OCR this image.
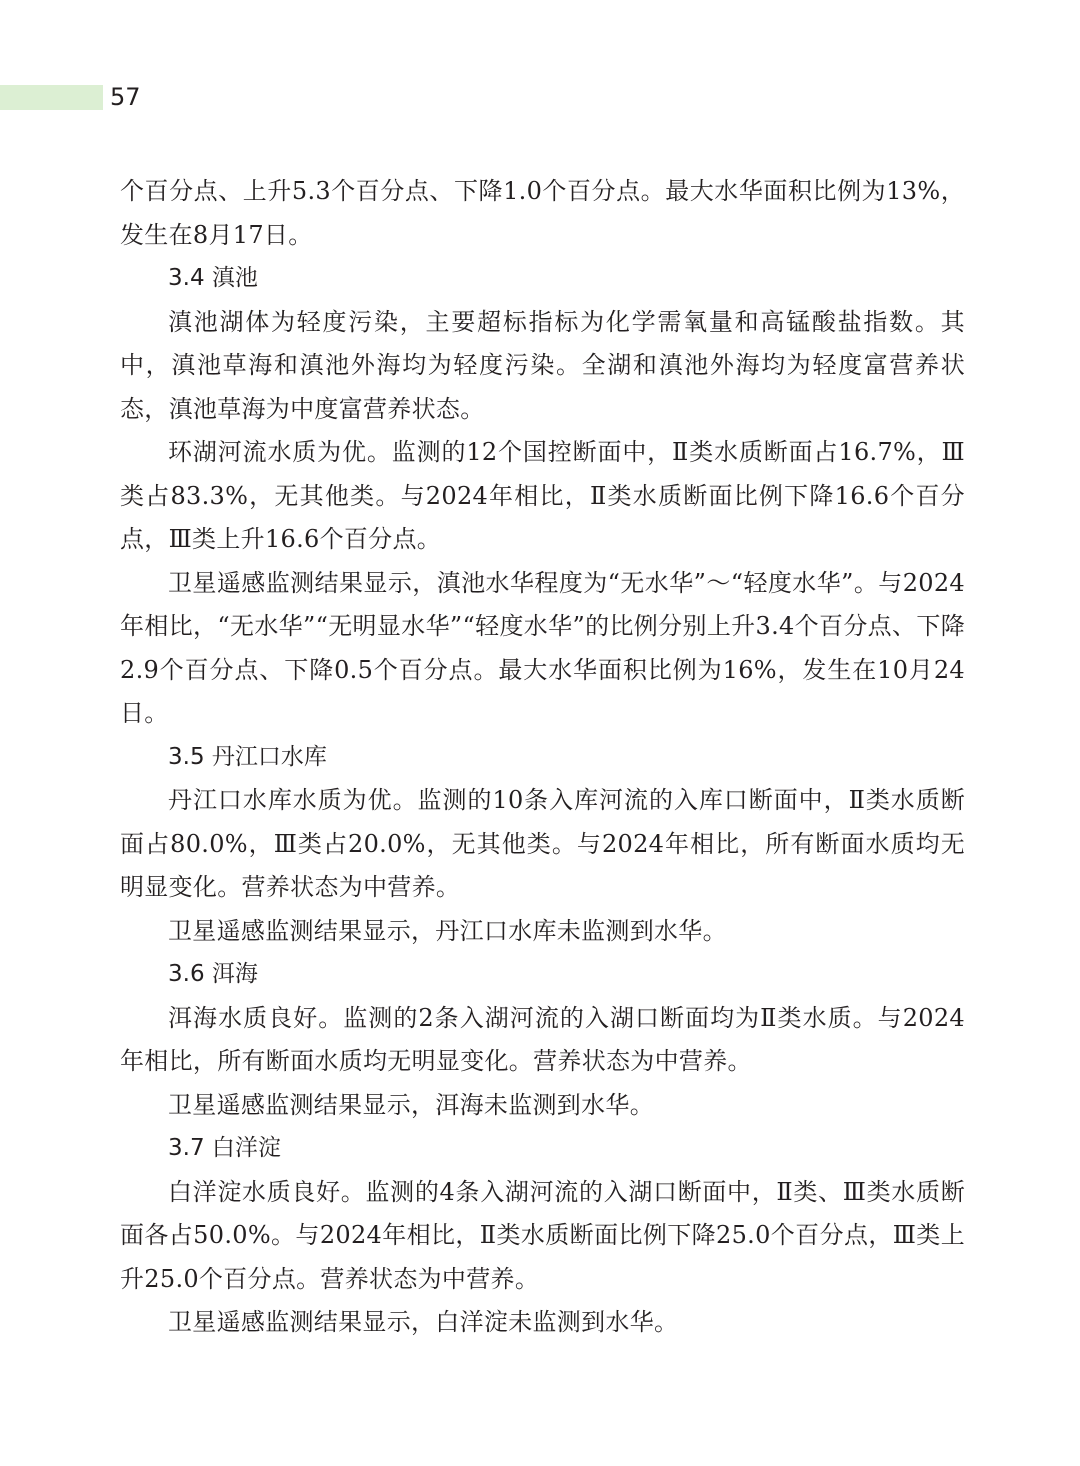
57

个百分点、上升5.3个百分点、下降1.0个百分点。最大水华面积比例为13%，发生在8月17日。

3.4 滇池

滇池湖体为轻度污染，主要超标指标为化学需氧量和高锰酸盐指数。其中，滇池草海和滇池外海均为轻度污染。全湖和滇池外海均为轻度富营养状态，滇池草海为中度富营养状态。

环湖河流水质为优。监测的12个国控断面中，Ⅱ类水质断面占16.7%，Ⅲ类占83.3%，无其他类。与2024年相比，Ⅱ类水质断面比例下降16.6个百分点，Ⅲ类上升16.6个百分点。

卫星遥感监测结果显示，滇池水华程度为“无水华”～“轻度水华”。与2024年相比，“无水华”“无明显水华”“轻度水华”的比例分别上升3.4个百分点、下降2.9个百分点、下降0.5个百分点。最大水华面积比例为16%，发生在10月24日。

3.5 丹江口水库

丹江口水库水质为优。监测的10条入库河流的入库口断面中，Ⅱ类水质断面占80.0%，Ⅲ类占20.0%，无其他类。与2024年相比，所有断面水质均无明显变化。营养状态为中营养。

卫星遥感监测结果显示，丹江口水库未监测到水华。

3.6 洱海

洱海水质良好。监测的2条入湖河流的入湖口断面均为Ⅱ类水质。与2024年相比，所有断面水质均无明显变化。营养状态为中营养。

卫星遥感监测结果显示，洱海未监测到水华。

3.7 白洋淀

白洋淀水质良好。监测的4条入湖河流的入湖口断面中，Ⅱ类、Ⅲ类水质断面各占50.0%。与2024年相比，Ⅱ类水质断面比例下降25.0个百分点，Ⅲ类上升25.0个百分点。营养状态为中营养。

卫星遥感监测结果显示，白洋淀未监测到水华。
